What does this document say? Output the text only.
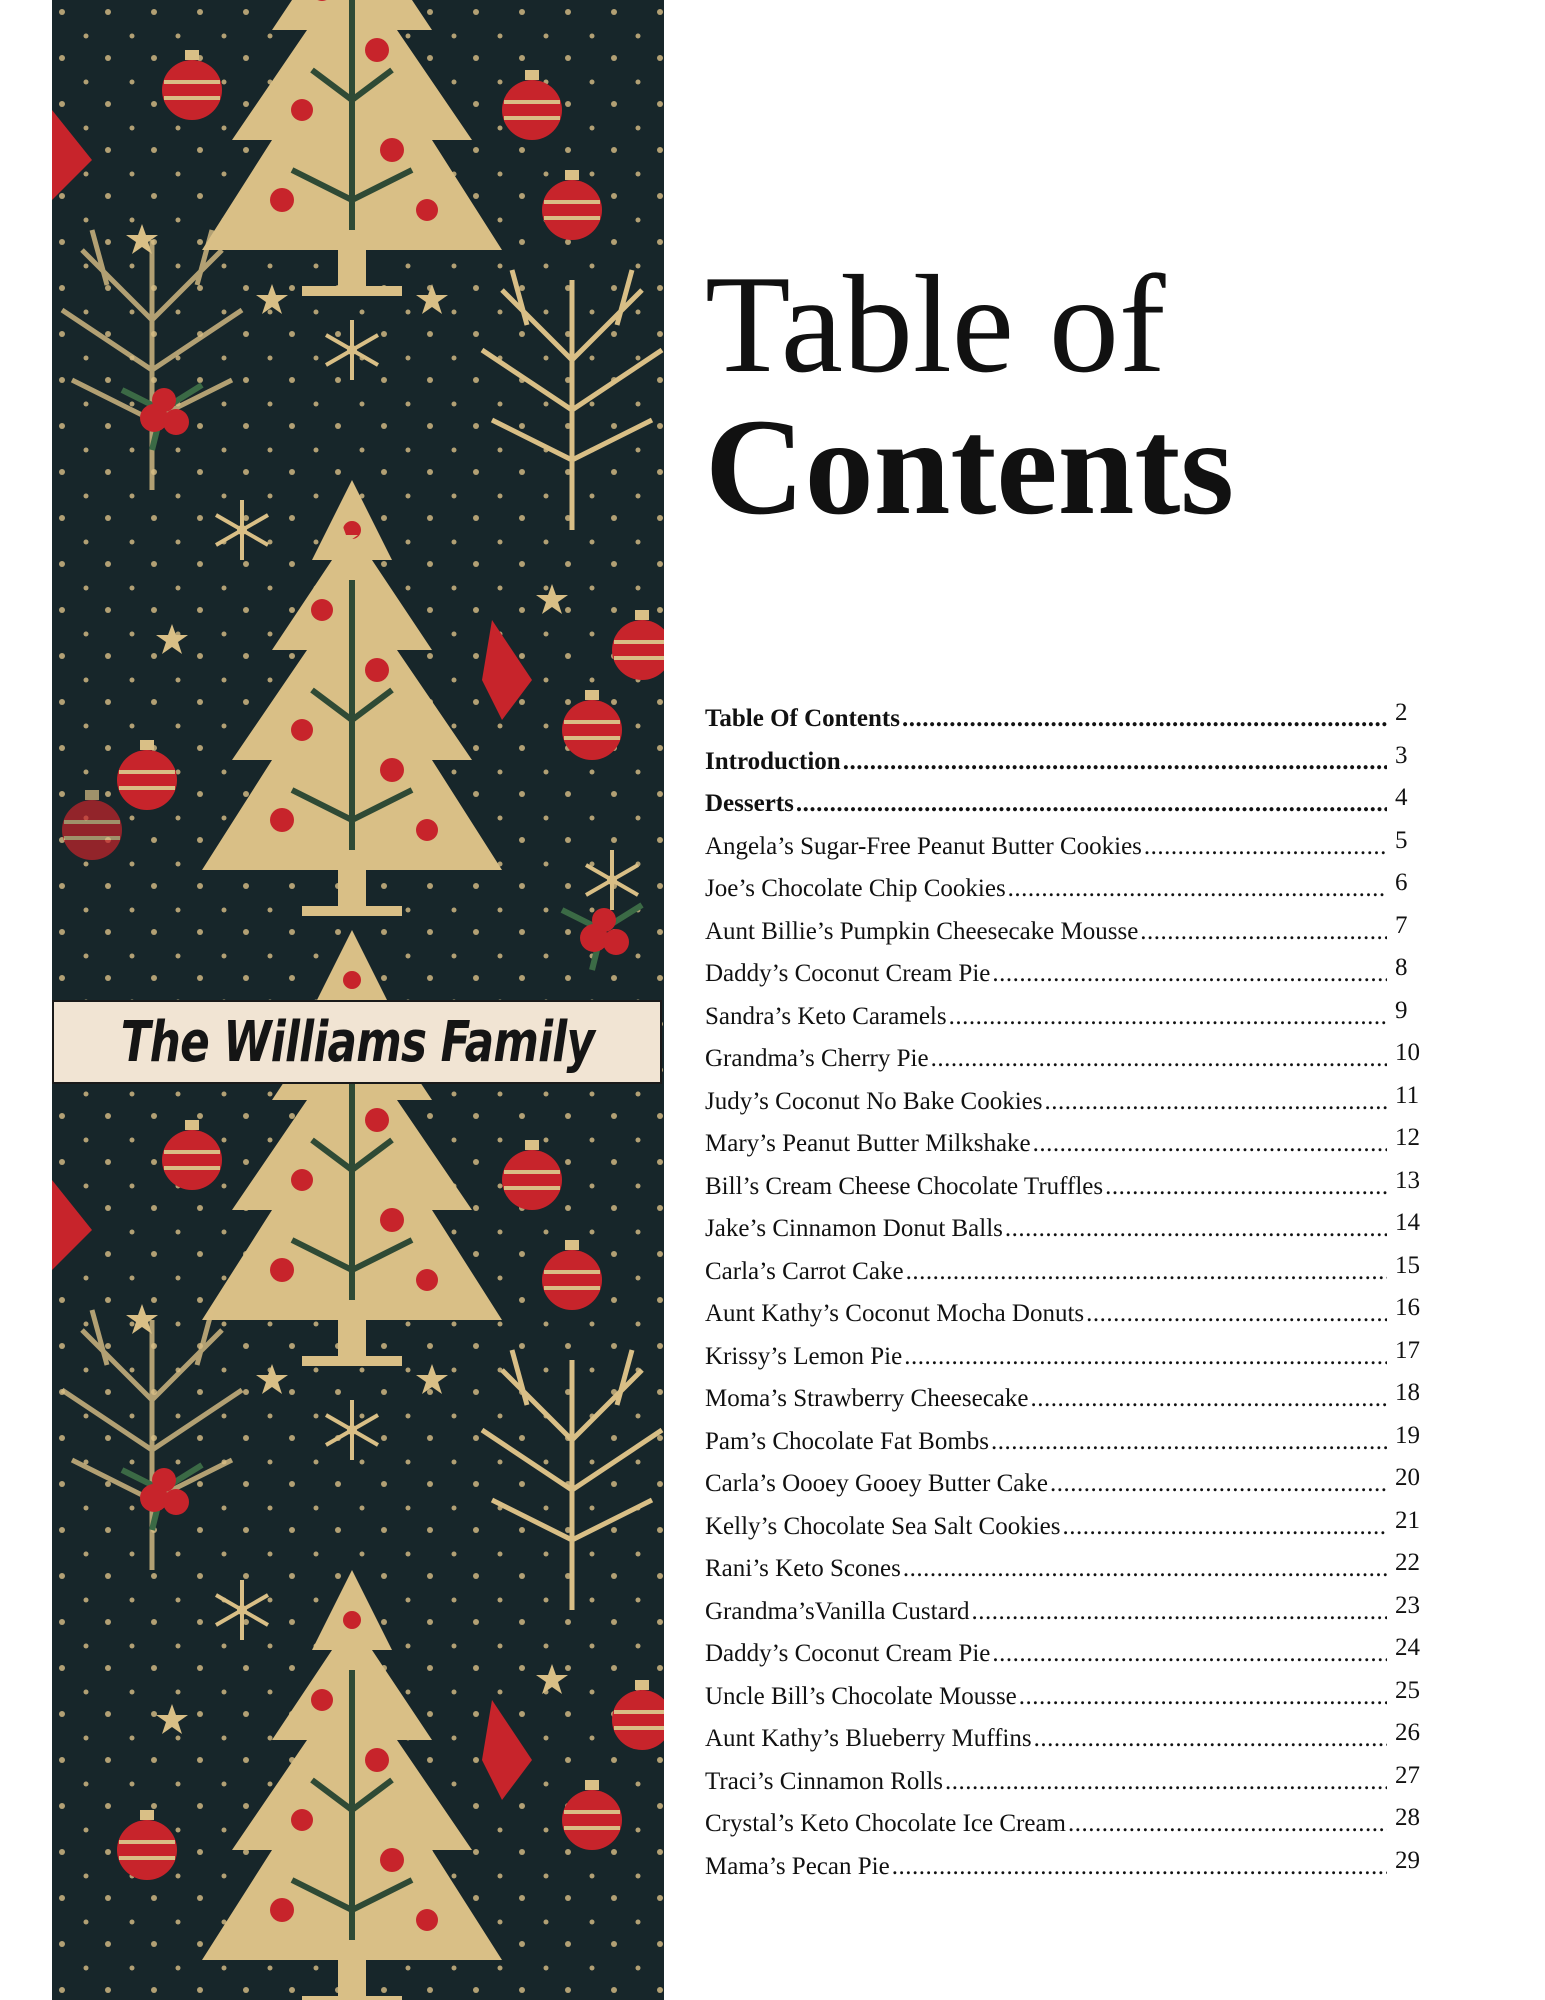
The Williams Family
Table of
Contents
Table Of Contents .....	2
Introduction .....	3
Desserts .....	4
Angela’s Sugar-Free Peanut Butter Cookies .....	5
Joe’s Chocolate Chip Cookies .....	6
Aunt Billie’s Pumpkin Cheesecake Mousse .....	7
Daddy’s Coconut Cream Pie .....	8
Sandra’s Keto Caramels .....	9
Grandma’s Cherry Pie .....	10
Judy’s Coconut No Bake Cookies .....	11
Mary’s Peanut Butter Milkshake .....	12
Bill’s Cream Cheese Chocolate Truffles .....	13
Jake’s Cinnamon Donut Balls .....	14
Carla’s Carrot Cake .....	15
Aunt Kathy’s Coconut Mocha Donuts .....	16
Krissy’s Lemon Pie .....	17
Moma’s Strawberry Cheesecake .....	18
Pam’s Chocolate Fat Bombs .....	19
Carla’s Oooey Gooey Butter Cake .....	20
Kelly’s Chocolate Sea Salt Cookies .....	21
Rani’s Keto Scones .....	22
Grandma’sVanilla Custard .....	23
Daddy’s Coconut Cream Pie .....	24
Uncle Bill’s Chocolate Mousse .....	25
Aunt Kathy’s Blueberry Muffins .....	26
Traci’s Cinnamon Rolls .....	27
Crystal’s Keto Chocolate Ice Cream .....	28
Mama’s Pecan Pie .....	29
